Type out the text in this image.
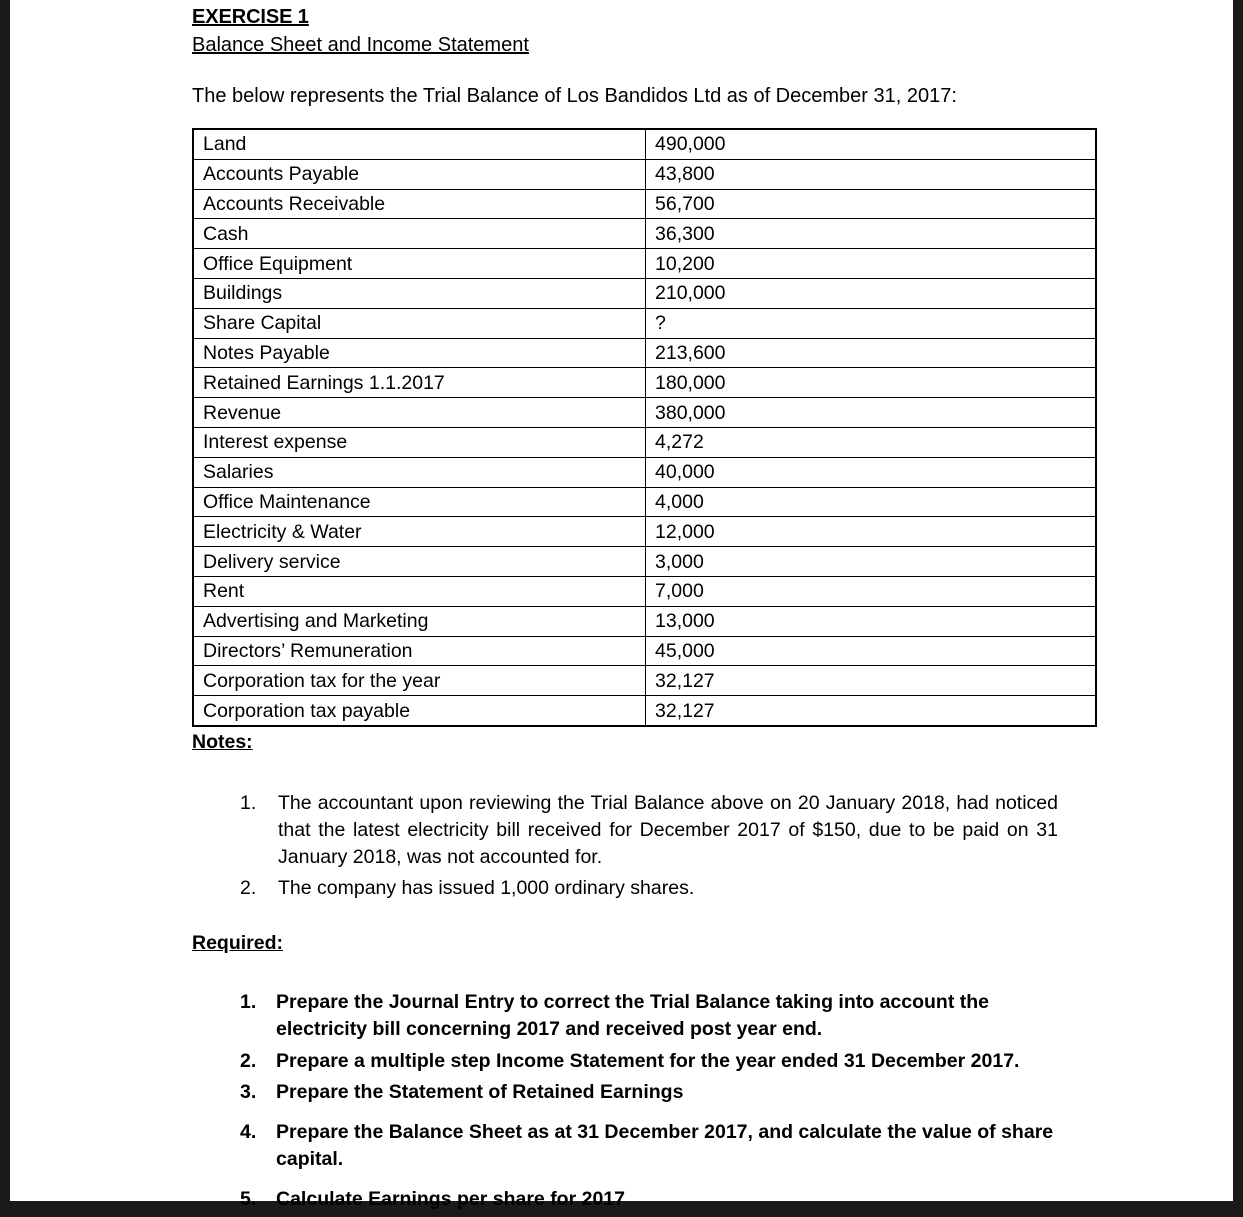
EXERCISE 1
Balance Sheet and Income Statement
The below represents the Trial Balance of Los Bandidos Ltd as of December 31, 2017:
Land	490,000
Accounts Payable	43,800
Accounts Receivable	56,700
Cash	36,300
Office Equipment	10,200
Buildings	210,000
Share Capital	?
Notes Payable	213,600
Retained Earnings 1.1.2017	180,000
Revenue	380,000
Interest expense	4,272
Salaries	40,000
Office Maintenance	4,000
Electricity & Water	12,000
Delivery service	3,000
Rent	7,000
Advertising and Marketing	13,000
Directors’ Remuneration	45,000
Corporation tax for the year	32,127
Corporation tax payable	32,127
Notes:
1.	The accountant upon reviewing the Trial Balance above on 20 January 2018, had noticed that the latest electricity bill received for December 2017 of $150, due to be paid on 31 January 2018, was not accounted for.
2.	The company has issued 1,000 ordinary shares.
Required:
1.	Prepare the Journal Entry to correct the Trial Balance taking into account the electricity bill concerning 2017 and received post year end.
2.	Prepare a multiple step Income Statement for the year ended 31 December 2017.
3.	Prepare the Statement of Retained Earnings
4.	Prepare the Balance Sheet as at 31 December 2017, and calculate the value of share capital.
5.	Calculate Earnings per share for 2017
